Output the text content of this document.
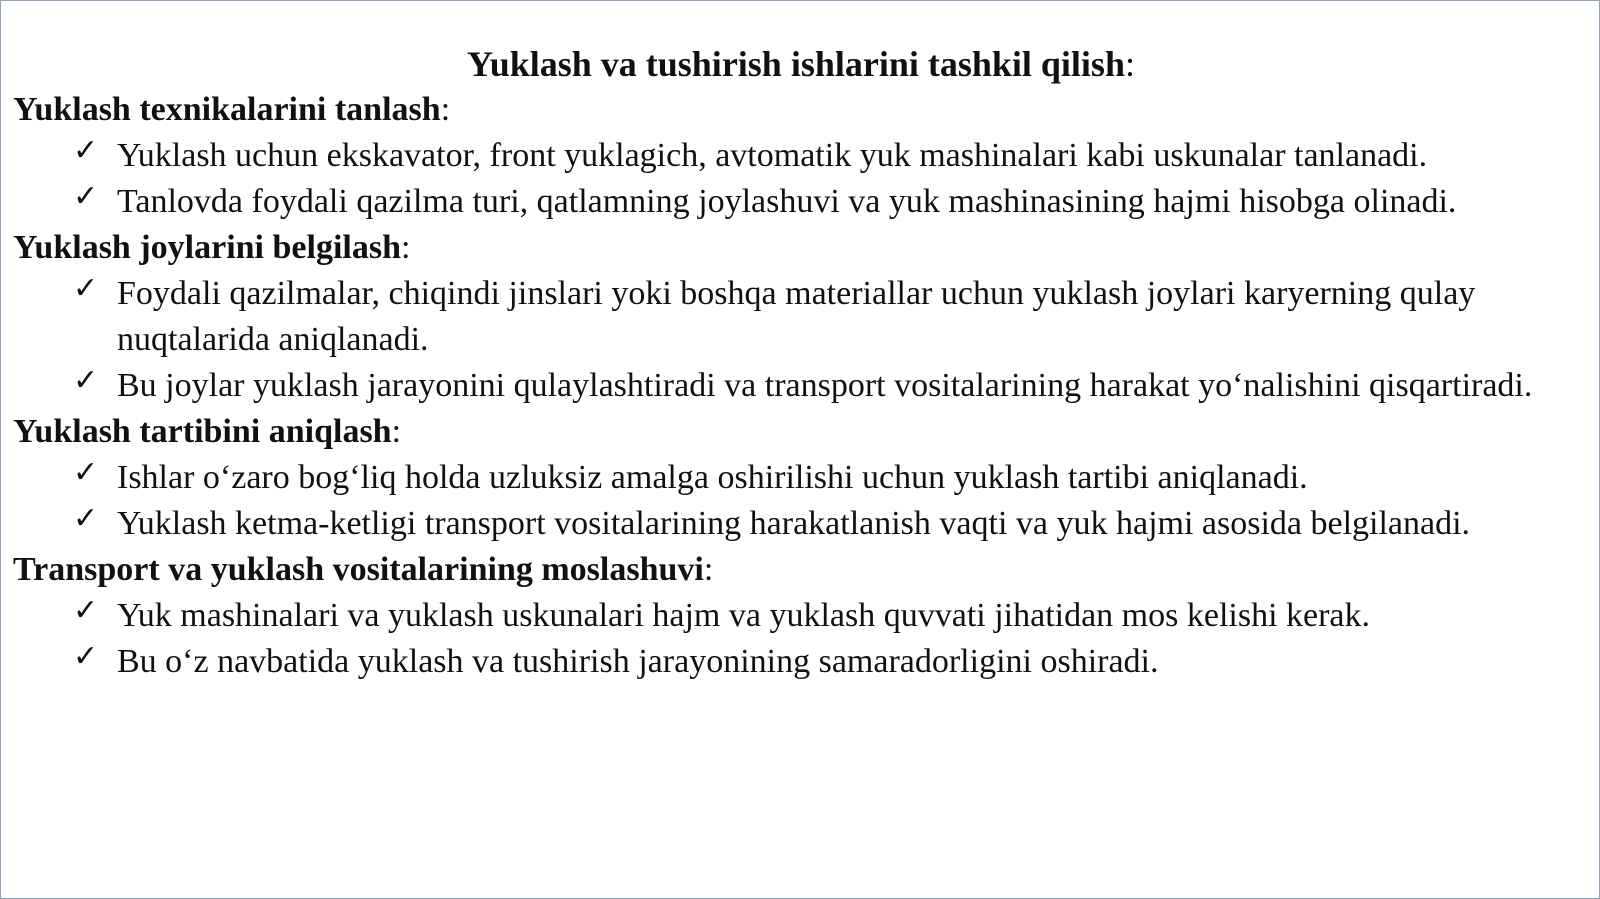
Yuklash va tushirish ishlarini tashkil qilish:

Yuklash texnikalarini tanlash:

✓ Yuklash uchun ekskavator, front yuklagich, avtomatik yuk mashinalari kabi uskunalar tanlanadi.
✓ Tanlovda foydali qazilma turi, qatlamning joylashuvi va yuk mashinasining hajmi hisobga olinadi.

Yuklash joylarini belgilash:

✓ Foydali qazilmalar, chiqindi jinslari yoki boshqa materiallar uchun yuklash joylari karyerning qulay nuqtalarida aniqlanadi.
✓ Bu joylar yuklash jarayonini qulaylashtiradi va transport vositalarining harakat yoʻnalishini qisqartiradi.

Yuklash tartibini aniqlash:

✓ Ishlar oʻzaro bogʻliq holda uzluksiz amalga oshirilishi uchun yuklash tartibi aniqlanadi.
✓ Yuklash ketma-ketligi transport vositalarining harakatlanish vaqti va yuk hajmi asosida belgilanadi.

Transport va yuklash vositalarining moslashuvi:

✓ Yuk mashinalari va yuklash uskunalari hajm va yuklash quvvati jihatidan mos kelishi kerak.
✓ Bu oʻz navbatida yuklash va tushirish jarayonining samaradorligini oshiradi.
